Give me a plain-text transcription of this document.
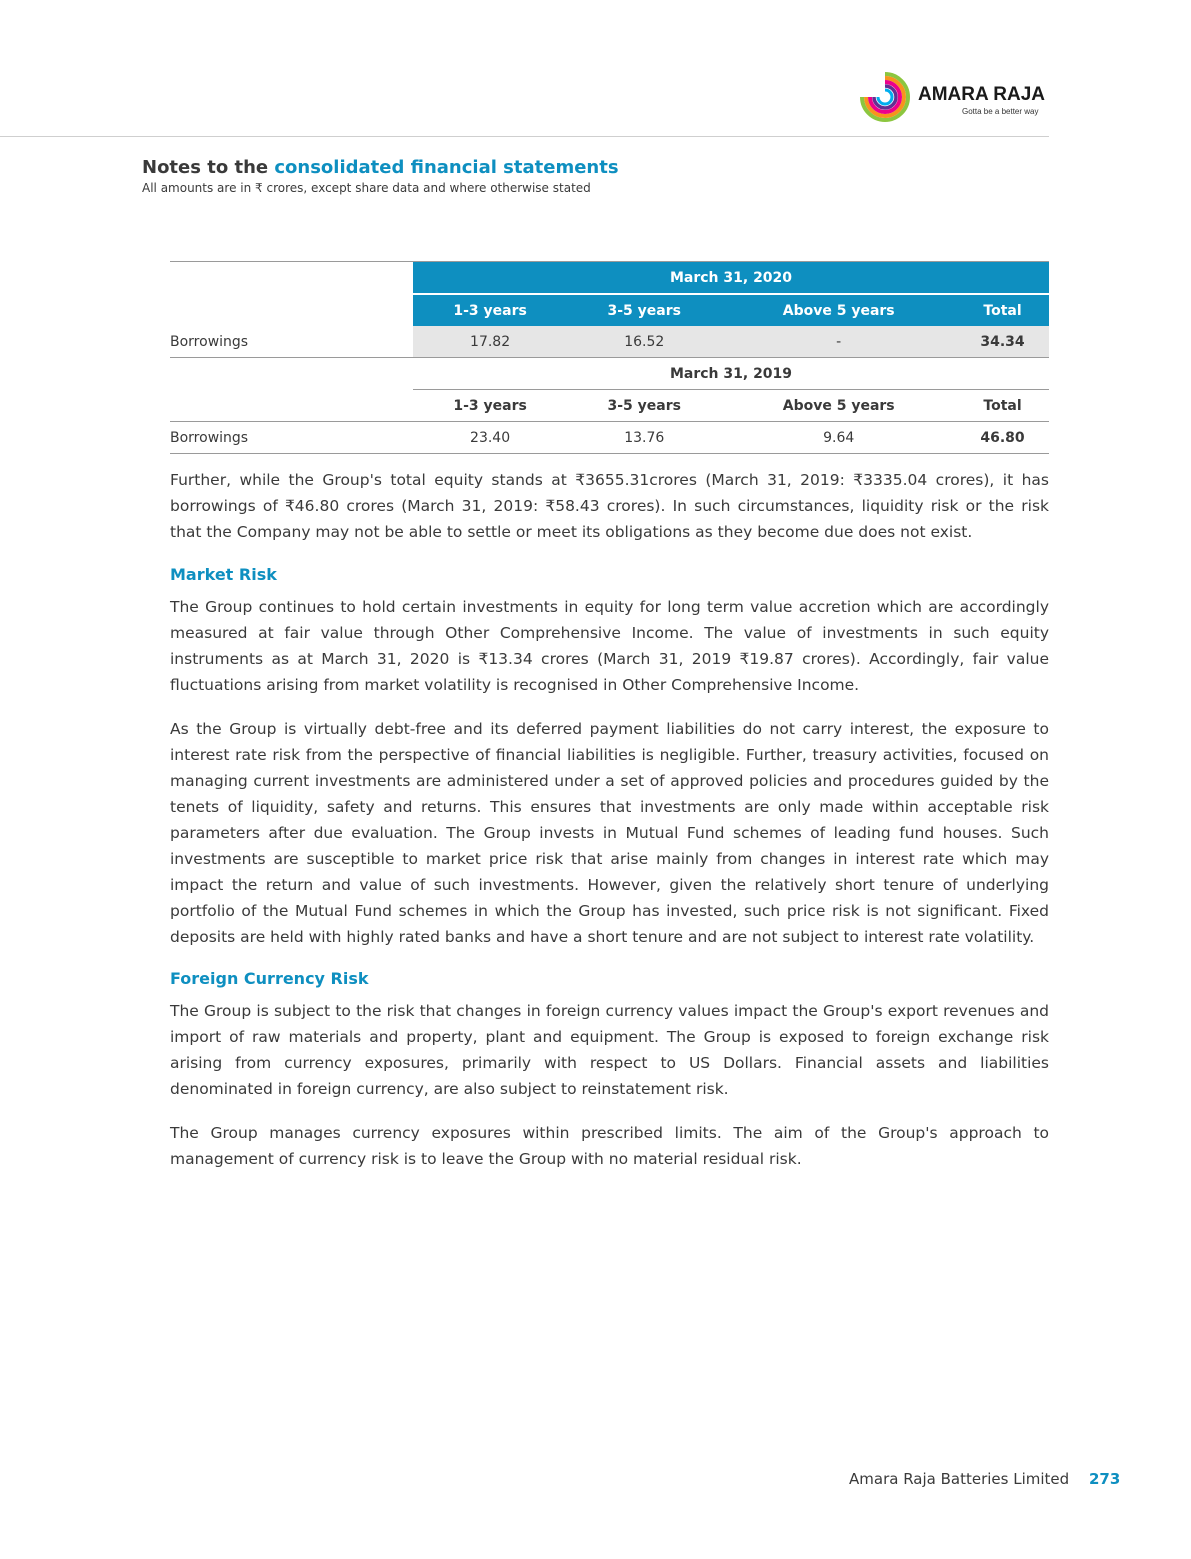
AMARA RAJA
Gotta be a better way
Notes to the consolidated financial statements
All amounts are in ₹ crores, except share data and where otherwise stated
	March 31, 2020			
	1-3 years	3-5 years	Above 5 years	Total
Borrowings	17.82	16.52	-	34.34
	March 31, 2019			
	1-3 years	3-5 years	Above 5 years	Total
Borrowings	23.40	13.76	9.64	46.80

Further, while the Group's total equity stands at ₹3655.31crores (March 31, 2019: ₹3335.04 crores), it has borrowings of ₹46.80 crores (March 31, 2019: ₹58.43 crores). In such circumstances, liquidity risk or the risk that the Company may not be able to settle or meet its obligations as they become due does not exist.

Market Risk

The Group continues to hold certain investments in equity for long term value accretion which are accordingly measured at fair value through Other Comprehensive Income. The value of investments in such equity instruments as at March 31, 2020 is ₹13.34 crores (March 31, 2019 ₹19.87 crores). Accordingly, fair value fluctuations arising from market volatility is recognised in Other Comprehensive Income.

As the Group is virtually debt-free and its deferred payment liabilities do not carry interest, the exposure to interest rate risk from the perspective of financial liabilities is negligible. Further, treasury activities, focused on managing current investments are administered under a set of approved policies and procedures guided by the tenets of liquidity, safety and returns. This ensures that investments are only made within acceptable risk parameters after due evaluation. The Group invests in Mutual Fund schemes of leading fund houses. Such investments are susceptible to market price risk that arise mainly from changes in interest rate which may impact the return and value of such investments. However, given the relatively short tenure of underlying portfolio of the Mutual Fund schemes in which the Group has invested, such price risk is not significant. Fixed deposits are held with highly rated banks and have a short tenure and are not subject to interest rate volatility.

Foreign Currency Risk

The Group is subject to the risk that changes in foreign currency values impact the Group's export revenues and import of raw materials and property, plant and equipment. The Group is exposed to foreign exchange risk arising from currency exposures, primarily with respect to US Dollars. Financial assets and liabilities denominated in foreign currency, are also subject to reinstatement risk.

The Group manages currency exposures within prescribed limits. The aim of the Group's approach to management of currency risk is to leave the Group with no material residual risk.

Amara Raja Batteries Limited 273
